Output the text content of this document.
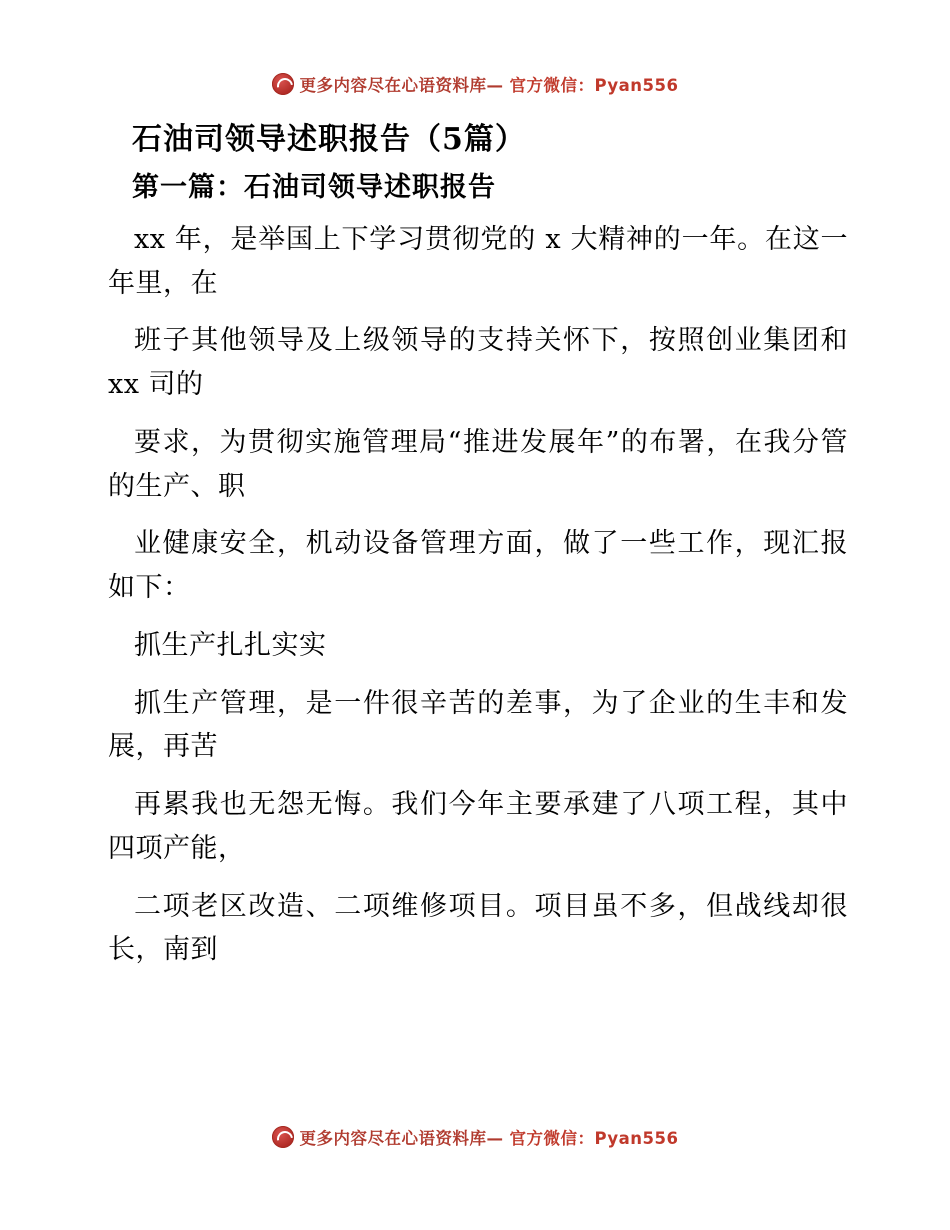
更多内容尽在心语资料库— 官方微信：Pyan556
石油司领导述职报告（5篇）
第一篇：石油司领导述职报告

xx 年，是举国上下学习贯彻党的 x 大精神的一年。在这一年里，在

班子其他领导及上级领导的支持关怀下，按照创业集团和 xx 司的

要求，为贯彻实施管理局“推进发展年”的布署，在我分管的生产、职

业健康安全，机动设备管理方面，做了一些工作，现汇报如下：

抓生产扎扎实实

抓生产管理，是一件很辛苦的差事，为了企业的生丰和发展，再苦

再累我也无怨无悔。我们今年主要承建了八项工程，其中四项产能，

二项老区改造、二项维修项目。项目虽不多，但战线却很长，南到

更多内容尽在心语资料库— 官方微信：Pyan556
